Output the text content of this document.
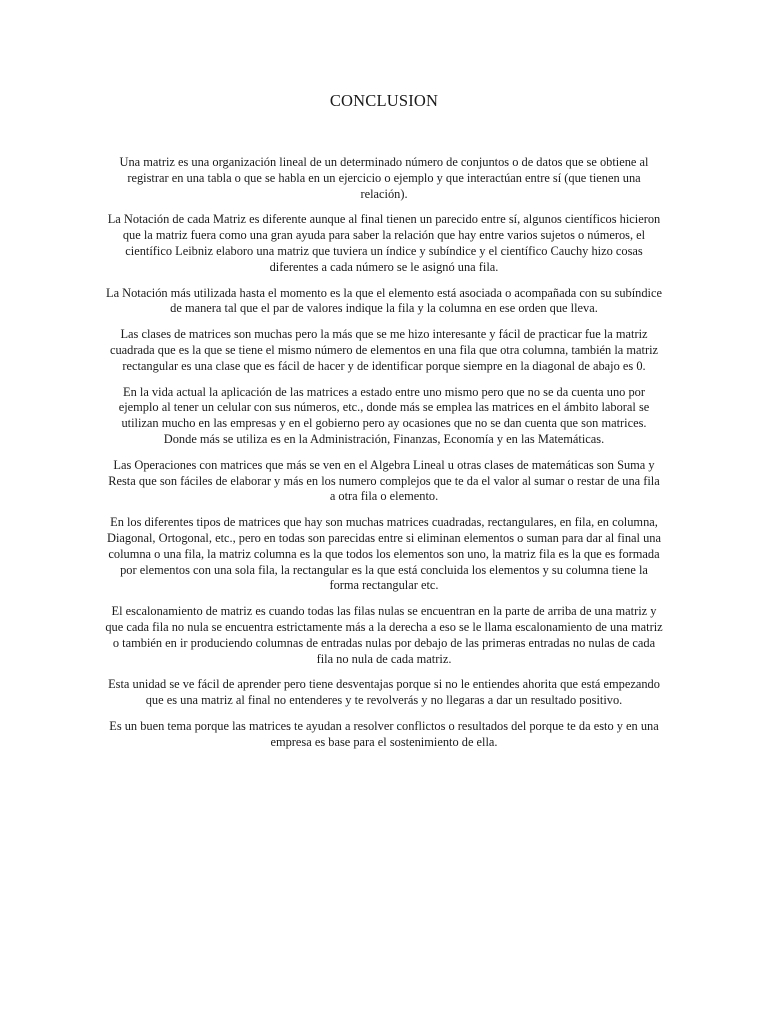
CONCLUSION

Una matriz es una organización lineal de un determinado número de conjuntos o de datos que se obtiene al registrar en una tabla o que se habla en un ejercicio o ejemplo y que interactúan entre sí (que tienen una relación).

La Notación de cada Matriz es diferente aunque al final tienen un parecido entre sí, algunos científicos hicieron que la matriz fuera como una gran ayuda para saber la relación que hay entre varios sujetos o números, el científico Leibniz elaboro una matriz que tuviera un índice y subíndice y el científico Cauchy hizo cosas diferentes a cada número se le asignó una fila.

La Notación más utilizada hasta el momento es la que el elemento está asociada o acompañada con su subíndice de manera tal que el par de valores indique la fila y la columna en ese orden que lleva.

Las clases de matrices son muchas pero la más que se me hizo interesante y fácil de practicar fue la matriz cuadrada que es la que se tiene el mismo número de elementos en una fila que otra columna, también la matriz rectangular es una clase que es fácil de hacer y de identificar porque siempre en la diagonal de abajo es 0.

En la vida actual la aplicación de las matrices a estado entre uno mismo pero que no se da cuenta uno por ejemplo al tener un celular con sus números, etc., donde más se emplea las matrices en el ámbito laboral se utilizan mucho en las empresas y en el gobierno pero ay ocasiones que no se dan cuenta que son matrices. Donde más se utiliza es en la Administración, Finanzas, Economía y en las Matemáticas.

Las Operaciones con matrices que más se ven en el Algebra Lineal u otras clases de matemáticas son Suma y Resta que son fáciles de elaborar y más en los numero complejos que te da el valor al sumar o restar de una fila a otra fila o elemento.

En los diferentes tipos de matrices que hay son muchas matrices cuadradas, rectangulares, en fila, en columna, Diagonal, Ortogonal, etc., pero en todas son parecidas entre si eliminan elementos o suman para dar al final una columna o una fila, la matriz columna es la que todos los elementos son uno, la matriz fila es la que es formada por elementos con una sola fila, la rectangular es la que está concluida los elementos y su columna tiene la forma rectangular etc.

El escalonamiento de matriz es cuando todas las filas nulas se encuentran en la parte de arriba de una matriz y que cada fila no nula se encuentra estrictamente más a la derecha a eso se le llama escalonamiento de una matriz o también en ir produciendo columnas de entradas nulas por debajo de las primeras entradas no nulas de cada fila no nula de cada matriz.

Esta unidad se ve fácil de aprender pero tiene desventajas porque si no le entiendes ahorita que está empezando que es una matriz al final no entenderes y te revolverás y no llegaras a dar un resultado positivo.

Es un buen tema porque las matrices te ayudan a resolver conflictos o resultados del porque te da esto y en una empresa es base para el sostenimiento de ella.
